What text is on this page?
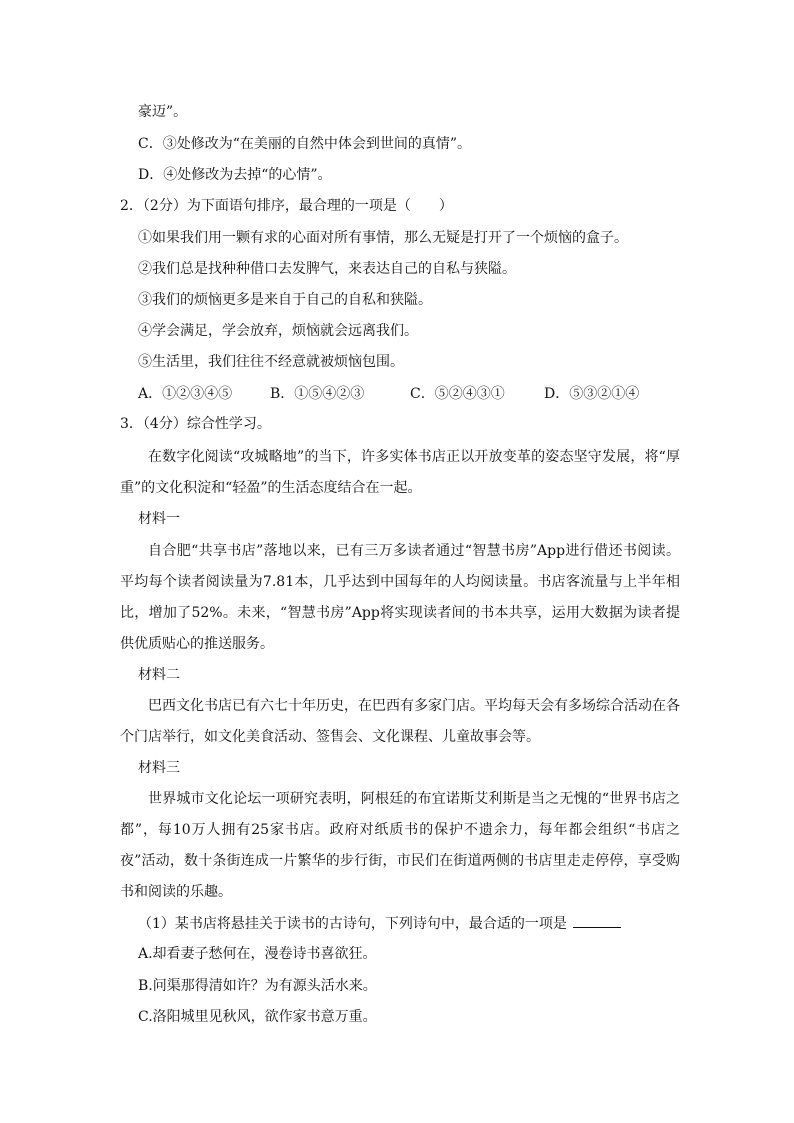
豪迈”。
C．③处修改为“在美丽的自然中体会到世间的真情”。
D．④处修改为去掉“的心情”。
2．（2分）为下面语句排序，最合理的一项是（　　）
①如果我们用一颗有求的心面对所有事情，那么无疑是打开了一个烦恼的盒子。
②我们总是找种种借口去发脾气，来表达自己的自私与狭隘。
③我们的烦恼更多是来自于自己的自私和狭隘。
④学会满足，学会放弃，烦恼就会远离我们。
⑤生活里，我们往往不经意就被烦恼包围。
A．①②③④⑤	B．①⑤④②③	C．⑤②④③①	D．⑤③②①④
3．（4分）综合性学习。
在数字化阅读“攻城略地”的当下，许多实体书店正以开放变革的姿态坚守发展，将“厚重”的文化积淀和“轻盈”的生活态度结合在一起。
材料一
自合肥“共享书店”落地以来，已有三万多读者通过“智慧书房”App进行借还书阅读。平均每个读者阅读量为7.81本，几乎达到中国每年的人均阅读量。书店客流量与上半年相比，增加了52%。未来，“智慧书房”App将实现读者间的书本共享，运用大数据为读者提供优质贴心的推送服务。
材料二
巴西文化书店已有六七十年历史，在巴西有多家门店。平均每天会有多场综合活动在各个门店举行，如文化美食活动、签售会、文化课程、儿童故事会等。
材料三
世界城市文化论坛一项研究表明，阿根廷的布宜诺斯艾利斯是当之无愧的“世界书店之都”，每10万人拥有25家书店。政府对纸质书的保护不遗余力，每年都会组织“书店之夜”活动，数十条街连成一片繁华的步行街，市民们在街道两侧的书店里走走停停，享受购书和阅读的乐趣。
（1）某书店将悬挂关于读书的古诗句，下列诗句中，最合适的一项是
A.却看妻子愁何在，漫卷诗书喜欲狂。
B.问渠那得清如许？为有源头活水来。
C.洛阳城里见秋风，欲作家书意万重。
